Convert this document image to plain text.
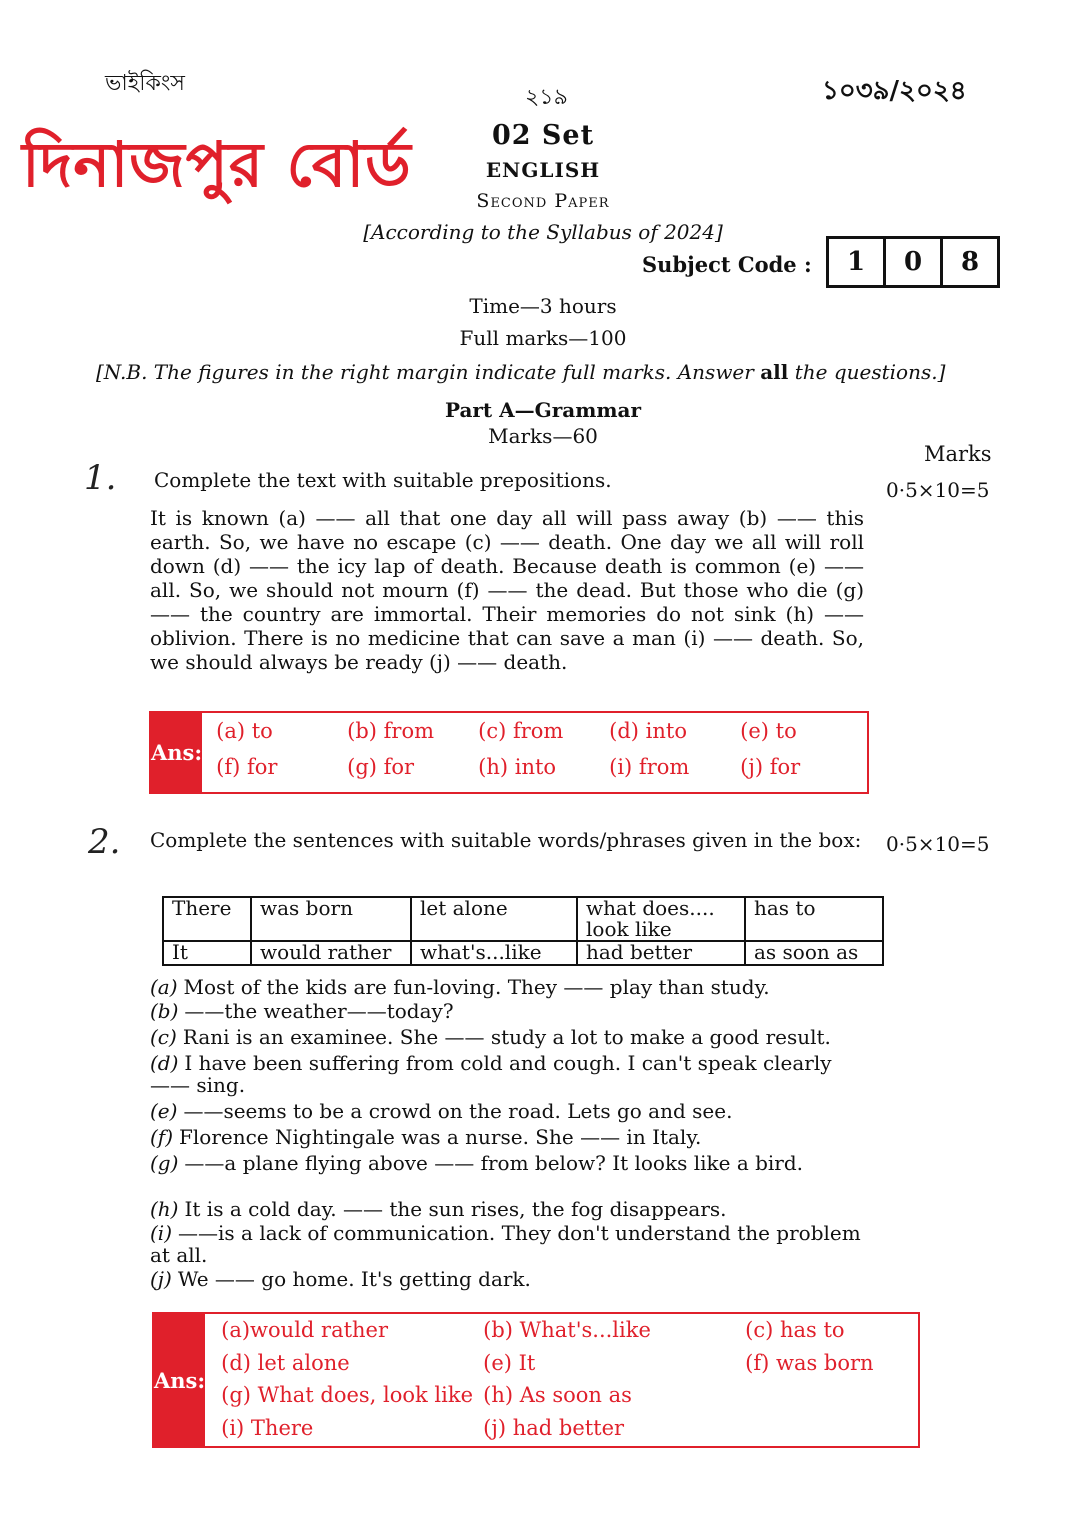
ভাইকিংস
২১৯	১০৩৯/২০২৪
দিনাজপুর বোর্ড	02 Set
ENGLISH
Second Paper
[According to the Syllabus of 2024]
Subject Code :	1	0	8
Time—3 hours
Full marks—100
[N.B. The figures in the right margin indicate full marks. Answer all the questions.]
Part A—Grammar
Marks—60
Marks
1. Complete the text with suitable prepositions.	0·5×10=5
It is known (a) —— all that one day all will pass away (b) —— this earth. So, we have no escape (c) —— death. One day we all will roll down (d) —— the icy lap of death. Because death is common (e) —— all. So, we should not mourn (f) —— the dead. But those who die (g) —— the country are immortal. Their memories do not sink (h) —— oblivion. There is no medicine that can save a man (i) —— death. So, we should always be ready (j) —— death.
Ans:
(a) to	(b) from	(c) from	(d) into	(e) to
(f) for	(g) for	(h) into	(i) from	(j) for
2. Complete the sentences with suitable words/phrases given in the box: 0·5×10=5
There	was born	let alone	what does.... look like	has to
It	would rather	what's...like	had better	as soon as
(a) Most of the kids are fun-loving. They —— play than study.
(b) ——the weather——today?
(c) Rani is an examinee. She —— study a lot to make a good result.
(d) I have been suffering from cold and cough. I can't speak clearly —— sing.
(e) ——seems to be a crowd on the road. Lets go and see.
(f) Florence Nightingale was a nurse. She —— in Italy.
(g) ——a plane flying above —— from below? It looks like a bird.
(h) It is a cold day. —— the sun rises, the fog disappears.
(i) ——is a lack of communication. They don't understand the problem at all.
(j) We —— go home. It's getting dark.
Ans:
(a)would rather	(b) What's...like	(c) has to
(d) let alone	(e) It	(f) was born
(g) What does, look like (h) As soon as
(i) There	(j) had better
